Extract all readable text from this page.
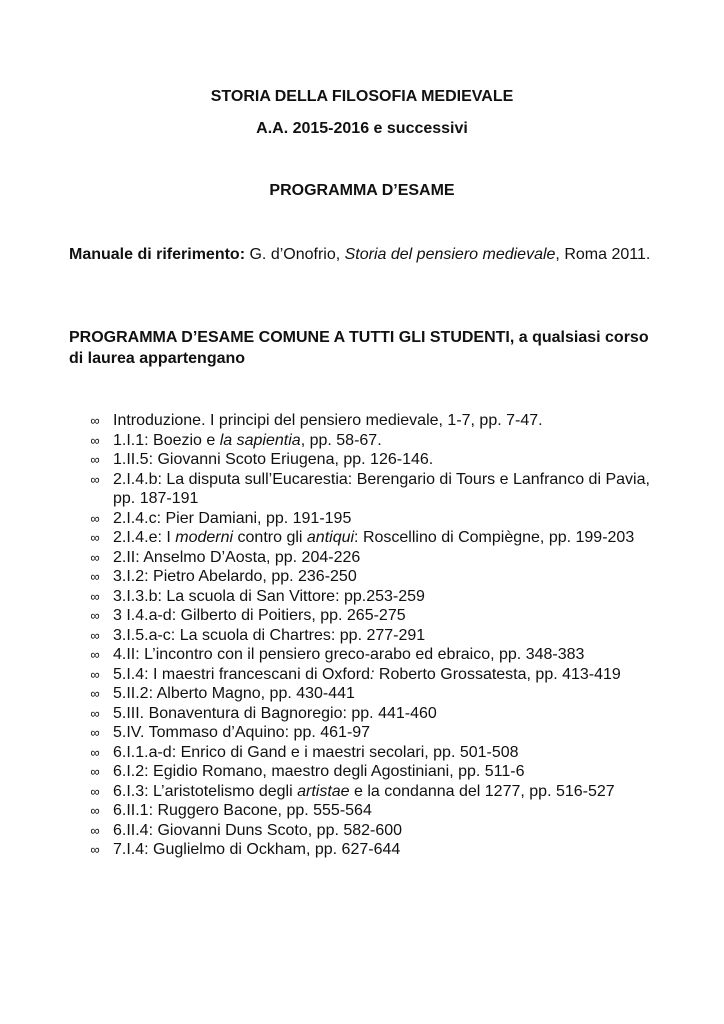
STORIA DELLA FILOSOFIA MEDIEVALE
A.A. 2015-2016 e successivi
PROGRAMMA D’ESAME
Manuale di riferimento: G. d’Onofrio, Storia del pensiero medievale, Roma 2011.
PROGRAMMA D’ESAME COMUNE A TUTTI GLI STUDENTI, a qualsiasi corso di laurea appartengano
∞ Introduzione. I principi del pensiero medievale, 1-7, pp. 7-47.
∞ 1.I.1: Boezio e la sapientia, pp. 58-67.
∞ 1.II.5: Giovanni Scoto Eriugena, pp. 126-146.
∞ 2.I.4.b: La disputa sull’Eucarestia: Berengario di Tours e Lanfranco di Pavia, pp. 187-191
∞ 2.I.4.c: Pier Damiani, pp. 191-195
∞ 2.I.4.e: I moderni contro gli antiqui: Roscellino di Compiègne, pp. 199-203
∞ 2.II: Anselmo D’Aosta, pp. 204-226
∞ 3.I.2: Pietro Abelardo, pp. 236-250
∞ 3.I.3.b: La scuola di San Vittore: pp.253-259
∞ 3 I.4.a-d: Gilberto di Poitiers, pp. 265-275
∞ 3.I.5.a-c: La scuola di Chartres: pp. 277-291
∞ 4.II: L’incontro con il pensiero greco-arabo ed ebraico, pp. 348-383
∞ 5.I.4: I maestri francescani di Oxford: Roberto Grossatesta, pp. 413-419
∞ 5.II.2: Alberto Magno, pp. 430-441
∞ 5.III. Bonaventura di Bagnoregio: pp. 441-460
∞ 5.IV. Tommaso d’Aquino: pp. 461-97
∞ 6.I.1.a-d: Enrico di Gand e i maestri secolari, pp. 501-508
∞ 6.I.2: Egidio Romano, maestro degli Agostiniani, pp. 511-6
∞ 6.I.3: L’aristotelismo degli artistae e la condanna del 1277, pp. 516-527
∞ 6.II.1: Ruggero Bacone, pp. 555-564
∞ 6.II.4: Giovanni Duns Scoto, pp. 582-600
∞ 7.I.4: Guglielmo di Ockham, pp. 627-644
